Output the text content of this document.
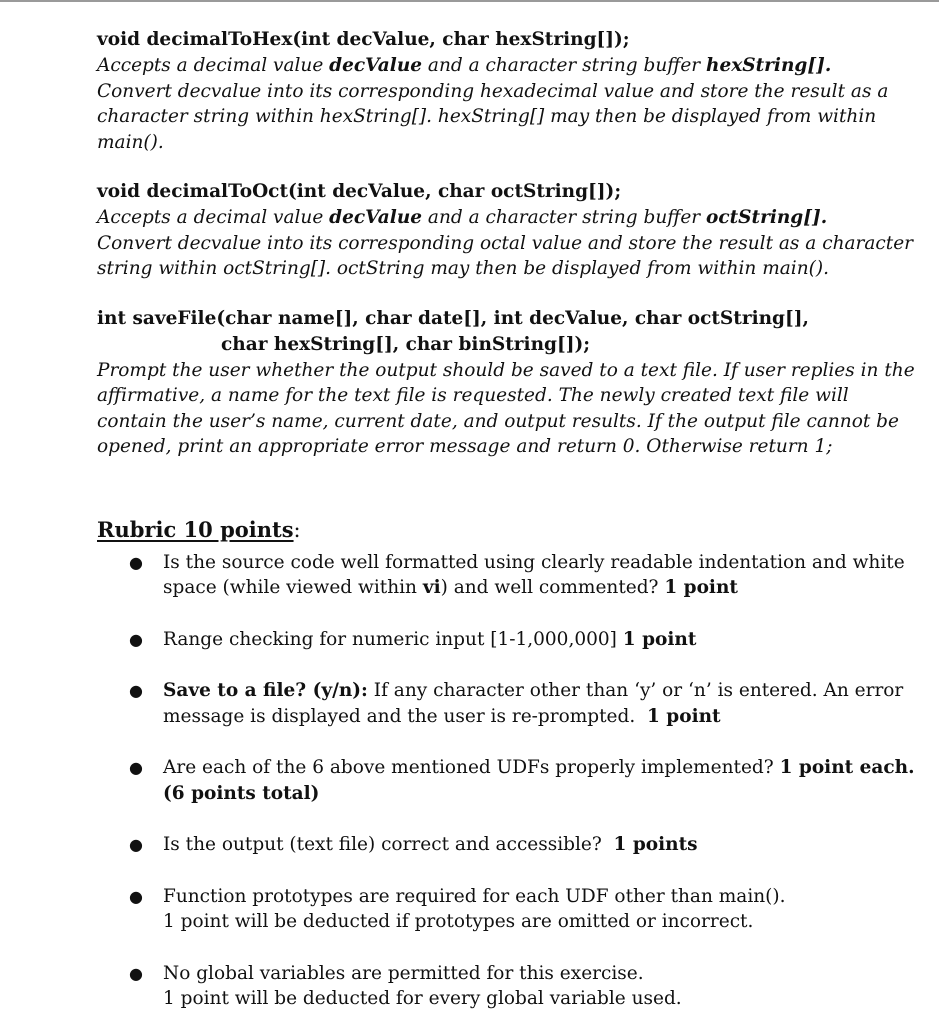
void decimalToHex(int decValue, char hexString[]);

Accepts a decimal value decValue and a character string buffer hexString[].

Convert decvalue into its corresponding hexadecimal value and store the result as a

character string within hexString[]. hexString[] may then be displayed from within

main().

void decimalToOct(int decValue, char octString[]);

Accepts a decimal value decValue and a character string buffer octString[].

Convert decvalue into its corresponding octal value and store the result as a character

string within octString[]. octString may then be displayed from within main().

int saveFile(char name[], char date[], int decValue, char octString[],

char hexString[], char binString[]);

Prompt the user whether the output should be saved to a text file. If user replies in the

affirmative, a name for the text file is requested. The newly created text file will

contain the user’s name, current date, and output results. If the output file cannot be

opened, print an appropriate error message and return 0. Otherwise return 1;

Rubric 10 points:
● Is the source code well formatted using clearly readable indentation and white
space (while viewed within vi) and well commented? 1 point
● Range checking for numeric input [1-1,000,000] 1 point
● Save to a file? (y/n): If any character other than ‘y’ or ‘n’ is entered. An error
message is displayed and the user is re-prompted.  1 point
● Are each of the 6 above mentioned UDFs properly implemented? 1 point each.
(6 points total)
● Is the output (text file) correct and accessible?  1 points
● Function prototypes are required for each UDF other than main().
1 point will be deducted if prototypes are omitted or incorrect.
● No global variables are permitted for this exercise.
1 point will be deducted for every global variable used.
